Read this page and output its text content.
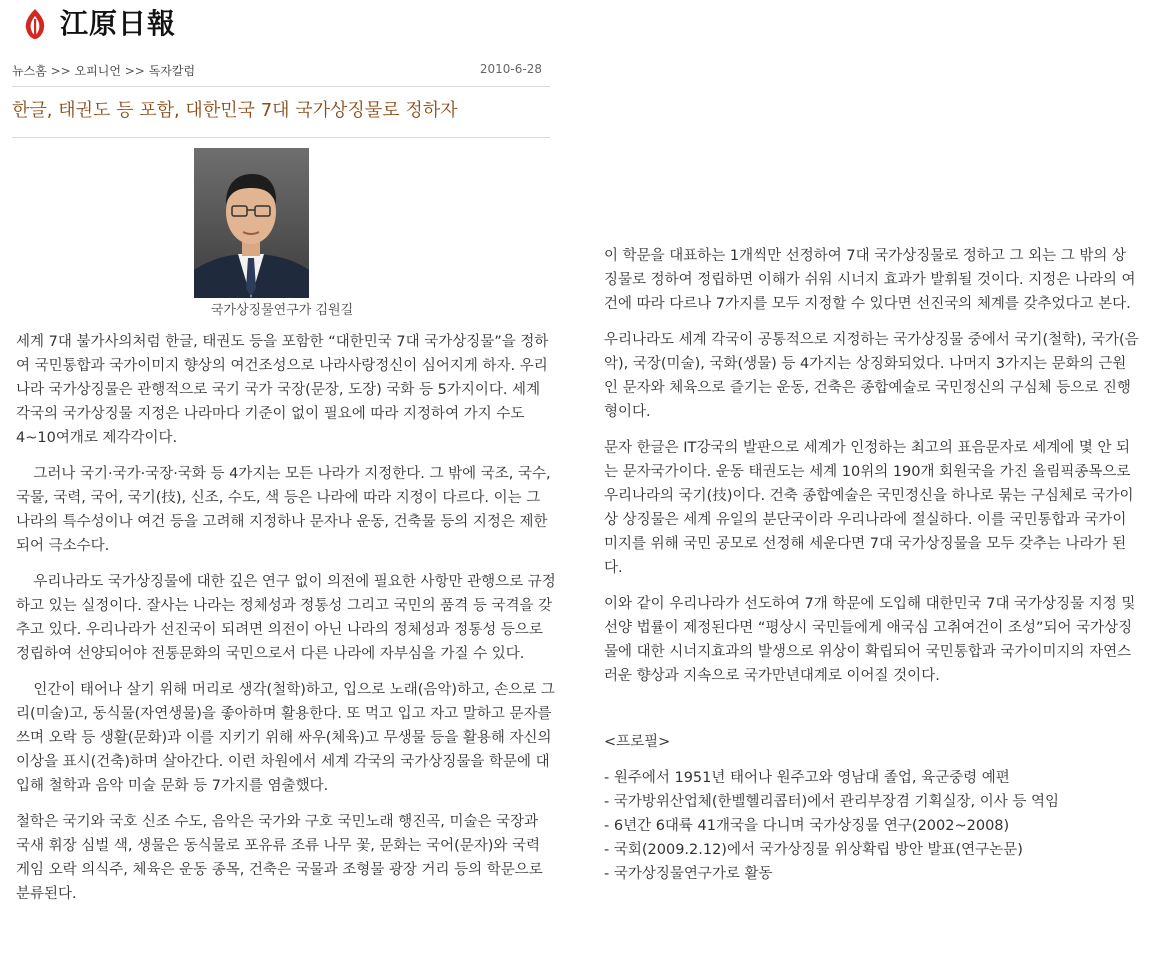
江原日報
뉴스홈 >> 오피니언 >> 독자칼럼	2010-6-28
한글, 태권도 등 포함, 대한민국 7대 국가상징물로 정하자
국가상징물연구가 김원길

세계 7대 불가사의처럼 한글, 태권도 등을 포함한 “대한민국 7대 국가상징물”을 정하여 국민통합과 국가이미지 향상의 여건조성으로 나라사랑정신이 심어지게 하자. 우리나라 국가상징물은 관행적으로 국기 국가 국장(문장, 도장) 국화 등 5가지이다. 세계 각국의 국가상징물 지정은 나라마다 기준이 없이 필요에 따라 지정하여 가지 수도 4~10여개로 제각각이다.

그러나 국기·국가·국장·국화 등 4가지는 모든 나라가 지정한다. 그 밖에 국조, 국수, 국물, 국력, 국어, 국기(技), 신조, 수도, 색 등은 나라에 따라 지정이 다르다. 이는 그 나라의 특수성이나 여건 등을 고려해 지정하나 문자나 운동, 건축물 등의 지정은 제한되어 극소수다.

우리나라도 국가상징물에 대한 깊은 연구 없이 의전에 필요한 사항만 관행으로 규정하고 있는 실정이다. 잘사는 나라는 정체성과 정통성 그리고 국민의 품격 등 국격을 갖추고 있다. 우리나라가 선진국이 되려면 의전이 아닌 나라의 정체성과 정통성 등으로 정립하여 선양되어야 전통문화의 국민으로서 다른 나라에 자부심을 가질 수 있다.

인간이 태어나 살기 위해 머리로 생각(철학)하고, 입으로 노래(음악)하고, 손으로 그리(미술)고, 동식물(자연생물)을 좋아하며 활용한다. 또 먹고 입고 자고 말하고 문자를 쓰며 오락 등 생활(문화)과 이를 지키기 위해 싸우(체육)고 무생물 등을 활용해 자신의 이상을 표시(건축)하며 살아간다. 이런 차원에서 세계 각국의 국가상징물을 학문에 대입해 철학과 음악 미술 문화 등 7가지를 염출했다.

철학은 국기와 국호 신조 수도, 음악은 국가와 구호 국민노래 행진곡, 미술은 국장과 국새 휘장 심벌 색, 생물은 동식물로 포유류 조류 나무 꽃, 문화는 국어(문자)와 국력 게임 오락 의식주, 체육은 운동 종목, 건축은 국물과 조형물 광장 거리 등의 학문으로 분류된다.

이 학문을 대표하는 1개씩만 선정하여 7대 국가상징물로 정하고 그 외는 그 밖의 상징물로 정하여 정립하면 이해가 쉬워 시너지 효과가 발휘될 것이다. 지정은 나라의 여건에 따라 다르나 7가지를 모두 지정할 수 있다면 선진국의 체계를 갖추었다고 본다.

우리나라도 세계 각국이 공통적으로 지정하는 국가상징물 중에서 국기(철학), 국가(음악), 국장(미술), 국화(생물) 등 4가지는 상징화되었다. 나머지 3가지는 문화의 근원인 문자와 체육으로 즐기는 운동, 건축은 종합예술로 국민정신의 구심체 등으로 진행형이다.

문자 한글은 IT강국의 발판으로 세계가 인정하는 최고의 표음문자로 세계에 몇 안 되는 문자국가이다. 운동 태권도는 세계 10위의 190개 회원국을 가진 올림픽종목으로 우리나라의 국기(技)이다. 건축 종합예술은 국민정신을 하나로 묶는 구심체로 국가이상 상징물은 세계 유일의 분단국이라 우리나라에 절실하다. 이를 국민통합과 국가이미지를 위해 국민 공모로 선정해 세운다면 7대 국가상징물을 모두 갖추는 나라가 된다.

이와 같이 우리나라가 선도하여 7개 학문에 도입해 대한민국 7대 국가상징물 지정 및 선양 법률이 제정된다면 “평상시 국민들에게 애국심 고취여건이 조성”되어 국가상징물에 대한 시너지효과의 발생으로 위상이 확립되어 국민통합과 국가이미지의 자연스러운 향상과 지속으로 국가만년대계로 이어질 것이다.

<프로필>

- 원주에서 1951년 태어나 원주고와 영남대 졸업, 육군중령 예편
- 국가방위산업체(한벨헬리콥터)에서 관리부장겸 기획실장, 이사 등 역임
- 6년간 6대륙 41개국을 다니며 국가상징물 연구(2002~2008)
- 국회(2009.2.12)에서 국가상징물 위상확립 방안 발표(연구논문)
- 국가상징물연구가로 활동
